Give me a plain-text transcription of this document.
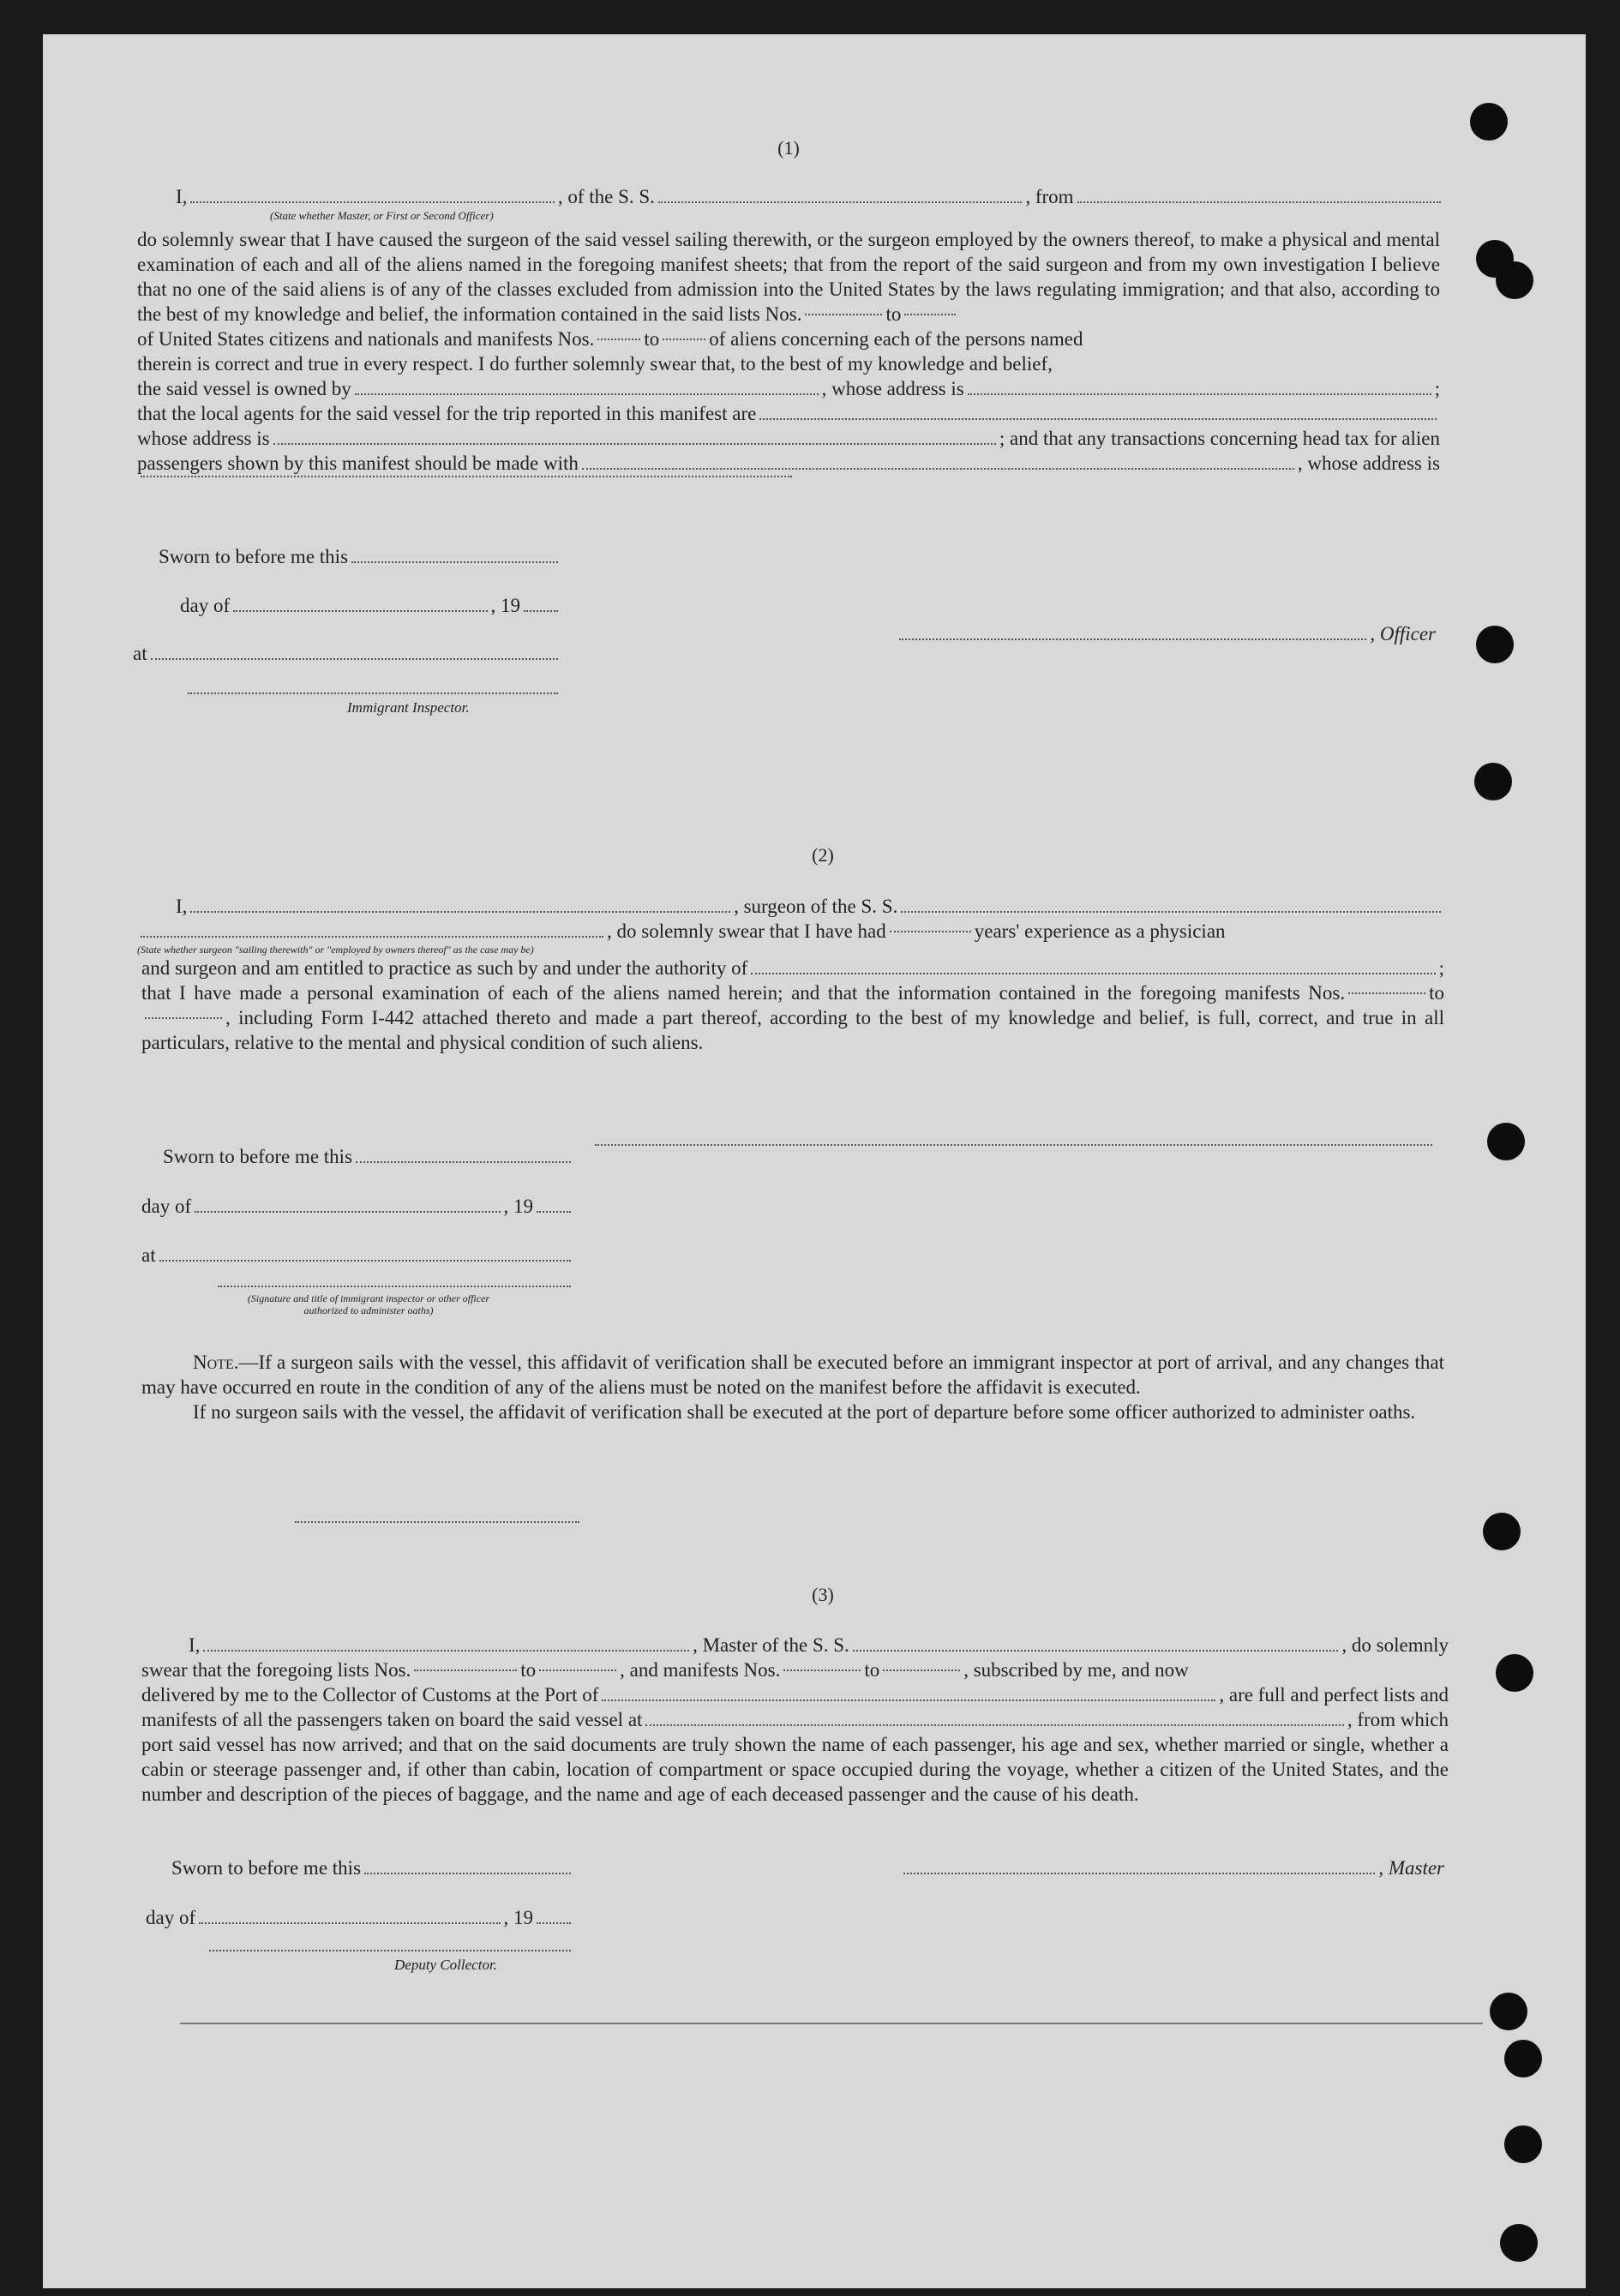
(1)
I,	, of the S. S.	, from
(State whether Master, or First or Second Officer)
do solemnly swear that I have caused the surgeon of the said vessel sailing therewith, or the surgeon employed by the owners thereof, to make a physical and mental examination of each and all of the aliens named in the foregoing manifest sheets; that from the report of the said surgeon and from my own investigation I believe that no one of the said aliens is of any of the classes excluded from admission into the United States by the laws regulating immigration; and that also, according to the best of my knowledge and belief, the information contained in the said lists Nos.	to
of United States citizens and nationals and manifests Nos.	to	of aliens concerning each of the persons named
therein is correct and true in every respect. I do further solemnly swear that, to the best of my knowledge and belief,
the said vessel is owned by	, whose address is	;
that the local agents for the said vessel for the trip reported in this manifest are
whose address is	; and that any transactions concerning head tax for alien
passengers shown by this manifest should be made with	, whose address is
Sworn to before me this
day of	, 19
at
Immigrant Inspector.
, Officer
(2)
I,	, surgeon of the S. S.
, do solemnly swear that I have had	years' experience as a physician
(State whether surgeon "sailing therewith" or "employed by owners thereof" as the case may be)
and surgeon and am entitled to practice as such by and under the authority of	;
that I have made a personal examination of each of the aliens named herein; and that the information contained in the foregoing manifests Nos.	to, including Form I-442 attached thereto and made a part thereof, according to the best of my knowledge and belief, is full, correct, and true in all particulars, relative to the mental and physical condition of such aliens.
Sworn to before me this
day of	, 19
at
(Signature and title of immigrant inspector or other officer authorized to administer oaths)
Note.—If a surgeon sails with the vessel, this affidavit of verification shall be executed before an immigrant inspector at port of arrival, and any changes that may have occurred en route in the condition of any of the aliens must be noted on the manifest before the affidavit is executed.
If no surgeon sails with the vessel, the affidavit of verification shall be executed at the port of departure before some officer authorized to administer oaths.
(3)
I,	, Master of the S. S.	, do solemnly
swear that the foregoing lists Nos.	to	, and manifests Nos.	to	, subscribed by me, and now
delivered by me to the Collector of Customs at the Port of	, are full and perfect lists and
manifests of all the passengers taken on board the said vessel at	, from which
port said vessel has now arrived; and that on the said documents are truly shown the name of each passenger, his age and sex, whether married or single, whether a cabin or steerage passenger and, if other than cabin, location of compartment or space occupied during the voyage, whether a citizen of the United States, and the number and description of the pieces of baggage, and the name and age of each deceased passenger and the cause of his death.
Sworn to before me this
day of	, 19
Deputy Collector.
, Master
